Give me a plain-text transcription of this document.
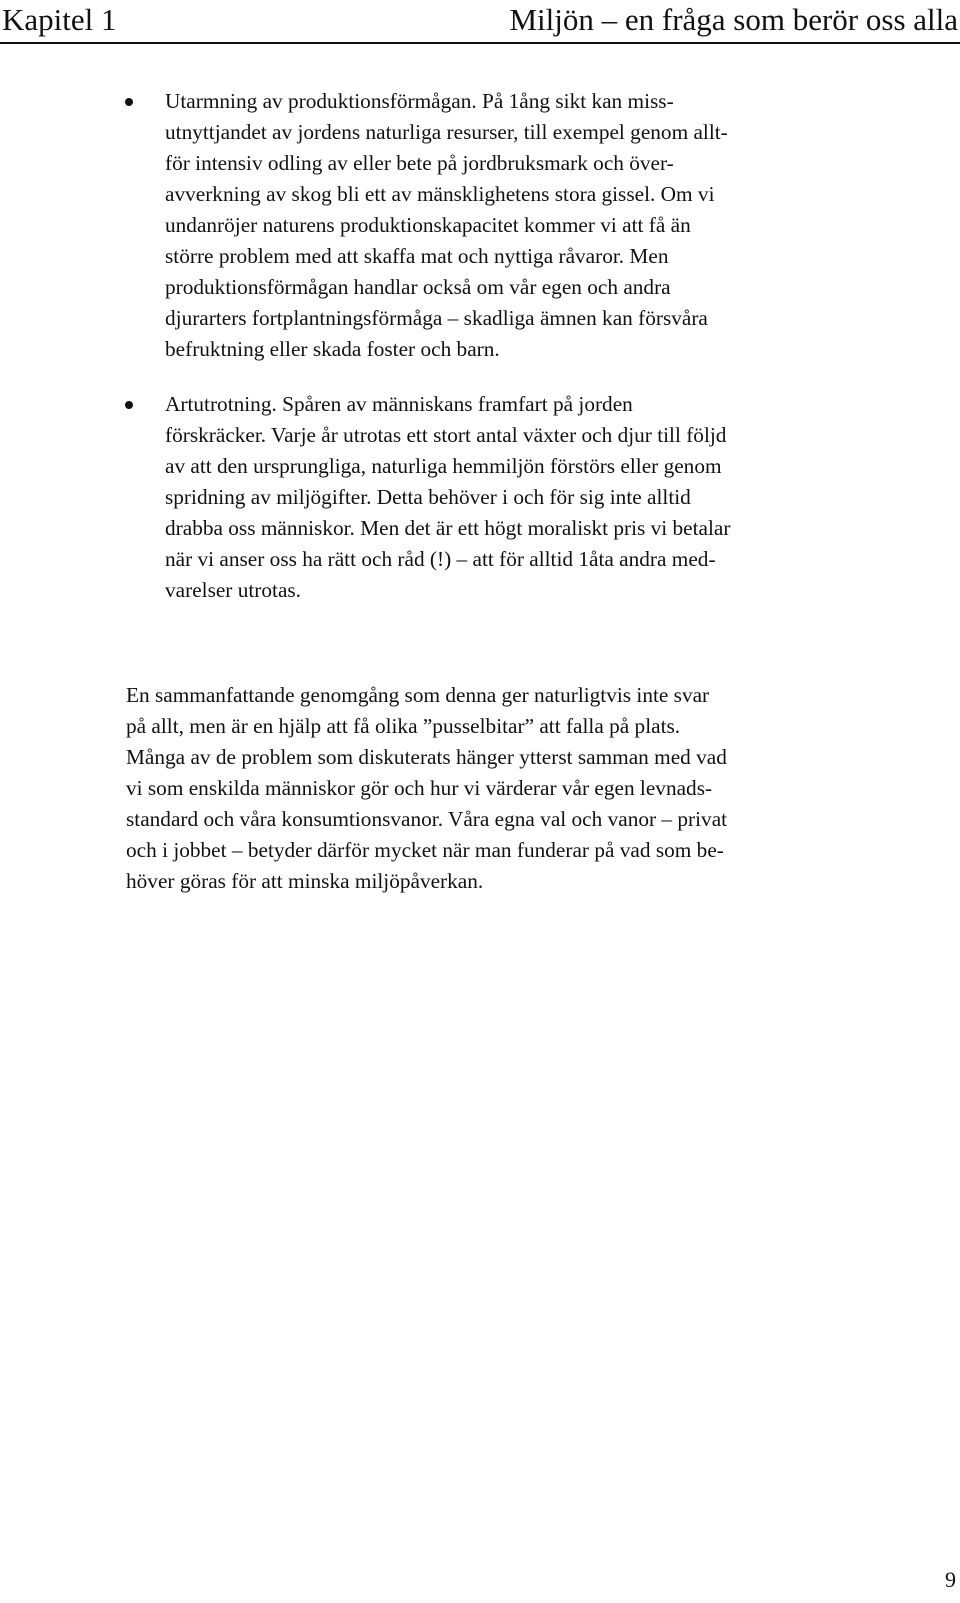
Kapitel 1	Miljön – en fråga som berör oss alla
Utarmning av produktionsförmågan. På 1ång sikt kan miss-
utnyttjandet av jordens naturliga resurser, till exempel genom allt-
för intensiv odling av eller bete på jordbruksmark och över-
avverkning av skog bli ett av mänsklighetens stora gissel. Om vi
undanröjer naturens produktionskapacitet kommer vi att få än
större problem med att skaffa mat och nyttiga råvaror. Men
produktionsförmågan handlar också om vår egen och andra
djurarters fortplantningsförmåga – skadliga ämnen kan försvåra
befruktning eller skada foster och barn.
Artutrotning. Spåren av människans framfart på jorden
förskräcker. Varje år utrotas ett stort antal växter och djur till följd
av att den ursprungliga, naturliga hemmiljön förstörs eller genom
spridning av miljögifter. Detta behöver i och för sig inte alltid
drabba oss människor. Men det är ett högt moraliskt pris vi betalar
när vi anser oss ha rätt och råd (!) – att för alltid 1åta andra med-
varelser utrotas.
En sammanfattande genomgång som denna ger naturligtvis inte svar
på allt, men är en hjälp att få olika ”pusselbitar” att falla på plats.
Många av de problem som diskuterats hänger ytterst samman med vad
vi som enskilda människor gör och hur vi värderar vår egen levnads-
standard och våra konsumtionsvanor. Våra egna val och vanor – privat
och i jobbet – betyder därför mycket när man funderar på vad som be-
höver göras för att minska miljöpåverkan.
9
